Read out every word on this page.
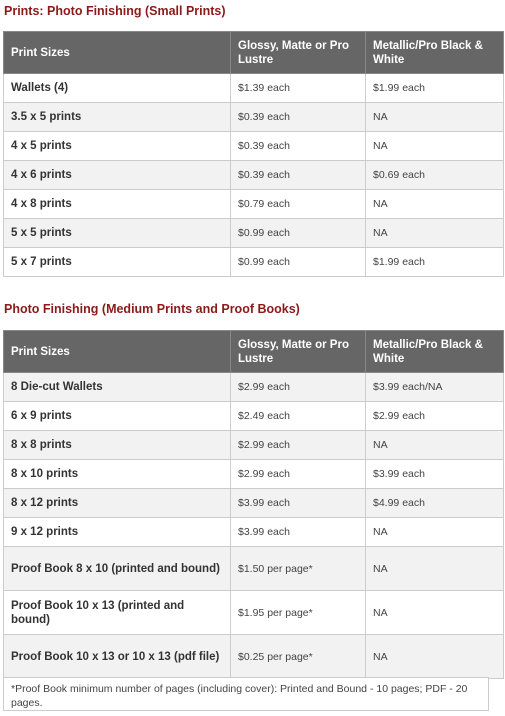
Prints: Photo Finishing (Small Prints)
Print Sizes	Glossy, Matte or Pro Lustre	Metallic/Pro Black & White
Wallets (4)	$1.39 each	$1.99 each
3.5 x 5 prints	$0.39 each	NA
4 x 5 prints	$0.39 each	NA
4 x 6 prints	$0.39 each	$0.69 each
4 x 8 prints	$0.79 each	NA
5 x 5 prints	$0.99 each	NA
5 x 7 prints	$0.99 each	$1.99 each
Photo Finishing (Medium Prints and Proof Books)
Print Sizes	Glossy, Matte or Pro Lustre	Metallic/Pro Black & White
8 Die-cut Wallets	$2.99 each	$3.99 each/NA
6 x 9 prints	$2.49 each	$2.99 each
8 x 8 prints	$2.99 each	NA
8 x 10 prints	$2.99 each	$3.99 each
8 x 12 prints	$3.99 each	$4.99 each
9 x 12 prints	$3.99 each	NA
Proof Book 8 x 10 (printed and bound)	$1.50 per page*	NA
Proof Book 10 x 13 (printed and bound)	$1.95 per page*	NA
Proof Book 10 x 13 or 10 x 13 (pdf file)	$0.25 per page*	NA
*Proof Book minimum number of pages (including cover): Printed and Bound - 10 pages; PDF - 20 pages.
